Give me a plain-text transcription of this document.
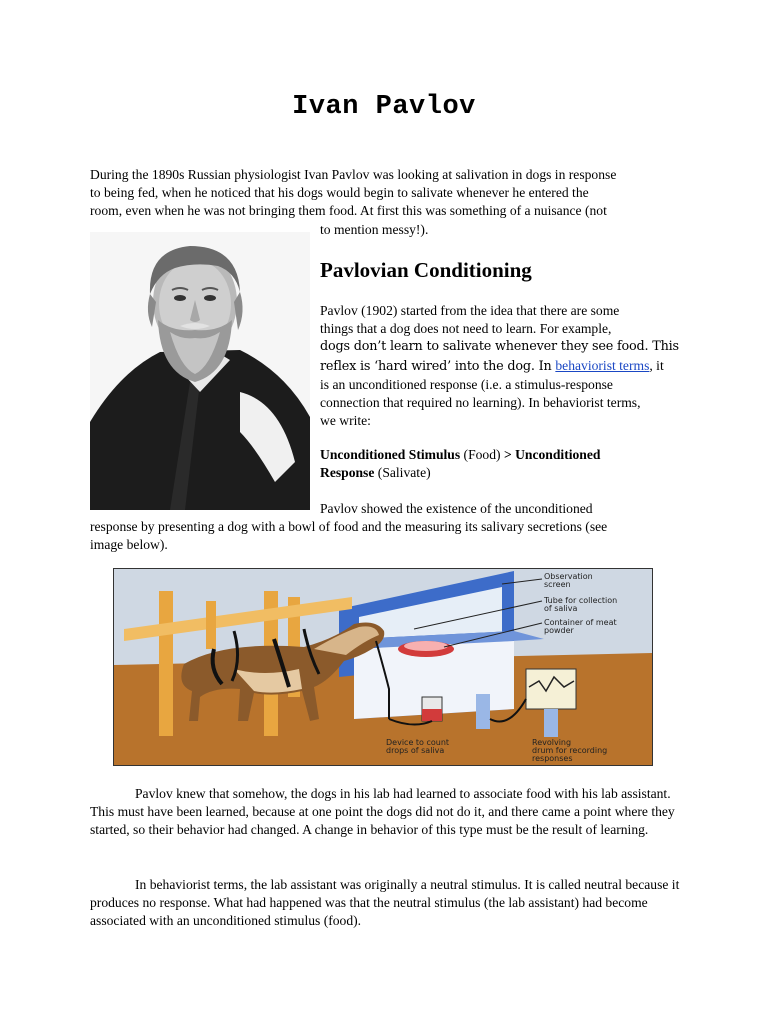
Ivan Pavlov
During the 1890s Russian physiologist Ivan Pavlov was looking at salivation in dogs in response
to being fed, when he noticed that his dogs would begin to salivate whenever he entered the
room, even when he was not bringing them food. At first this was something of a nuisance (not
to mention messy!).
Pavlovian Conditioning
Pavlov (1902) started from the idea that there are some
things that a dog does not need to learn. For example,
dogs don’t learn to salivate whenever they see food. This
reflex is ‘hard wired’ into the dog. In behaviorist terms, it
is an unconditioned response (i.e. a stimulus-response
connection that required no learning). In behaviorist terms,
we write:
Unconditioned Stimulus (Food) > Unconditioned
Response (Salivate)
Pavlov showed the existence of the unconditioned
response by presenting a dog with a bowl of food and the measuring its salivary secretions (see
image below).
Observation
screen
Tube for collection
of saliva
Container of meat
powder
Device to count
drops of saliva
Revolving
drum for recording
responses
Pavlov knew that somehow, the dogs in his lab had learned to associate food with his lab assistant. This must have been learned, because at one point the dogs did not do it, and there came a point where they started, so their behavior had changed. A change in behavior of this type must be the result of learning.
In behaviorist terms, the lab assistant was originally a neutral stimulus. It is called neutral because it produces no response. What had happened was that the neutral stimulus (the lab assistant) had become associated with an unconditioned stimulus (food).
